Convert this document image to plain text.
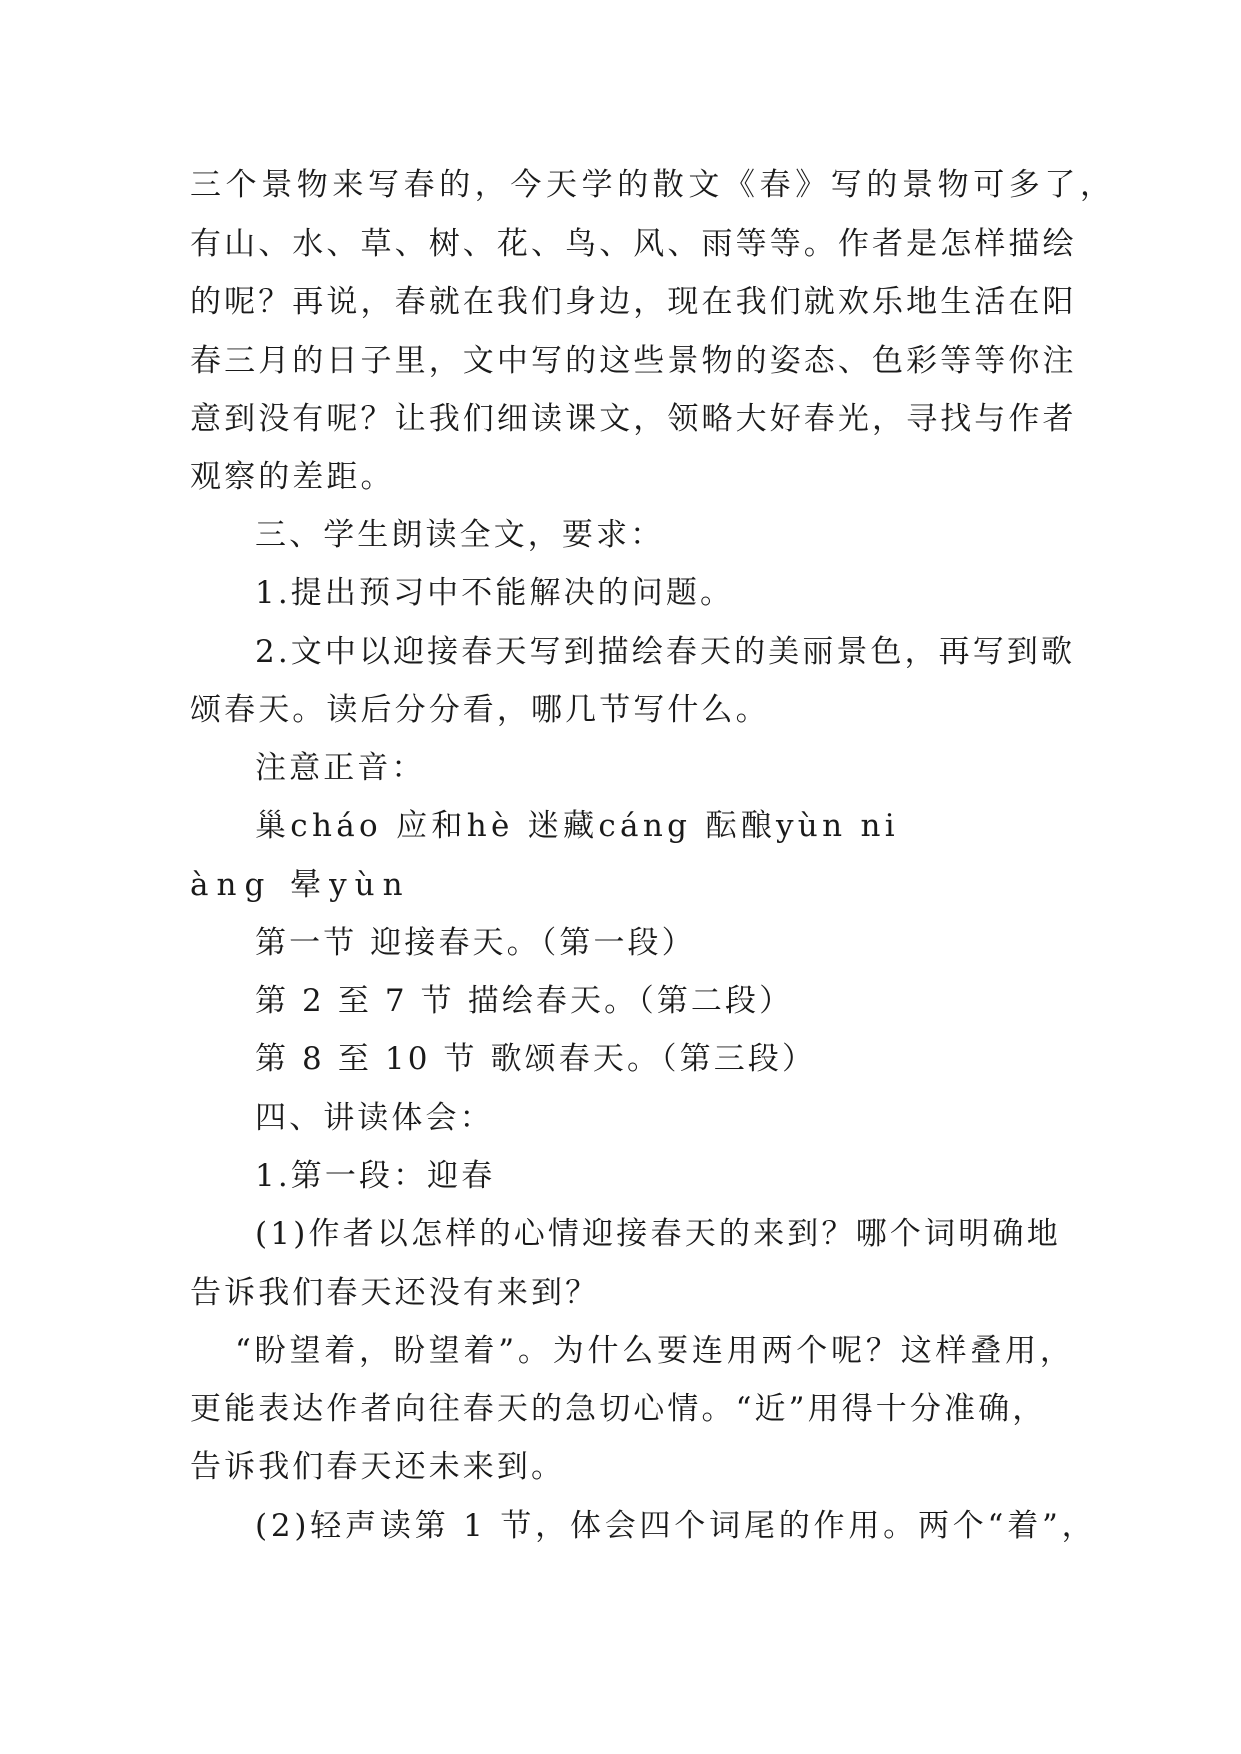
三个景物来写春的，今天学的散文《春》写的景物可多了，

有山、水、草、树、花、鸟、风、雨等等。作者是怎样描绘

的呢？再说，春就在我们身边，现在我们就欢乐地生活在阳

春三月的日子里，文中写的这些景物的姿态、色彩等等你注

意到没有呢？让我们细读课文，领略大好春光，寻找与作者

观察的差距。

三、学生朗读全文，要求：

1.提出预习中不能解决的问题。

2.文中以迎接春天写到描绘春天的美丽景色，再写到歌

颂春天。读后分分看，哪几节写什么。

注意正音：

巢cháo 应和hè 迷藏cáng 酝酿yùn ni

àng 晕yùn

第一节 迎接春天。（第一段）

第 2 至 7 节 描绘春天。（第二段）

第 8 至 10 节 歌颂春天。（第三段）

四、讲读体会：

1.第一段：迎春

(1)作者以怎样的心情迎接春天的来到？哪个词明确地

告诉我们春天还没有来到？

“盼望着，盼望着”。为什么要连用两个呢？这样叠用，

更能表达作者向往春天的急切心情。“近”用得十分准确，

告诉我们春天还未来到。

(2)轻声读第 1 节，体会四个词尾的作用。两个“着”，
